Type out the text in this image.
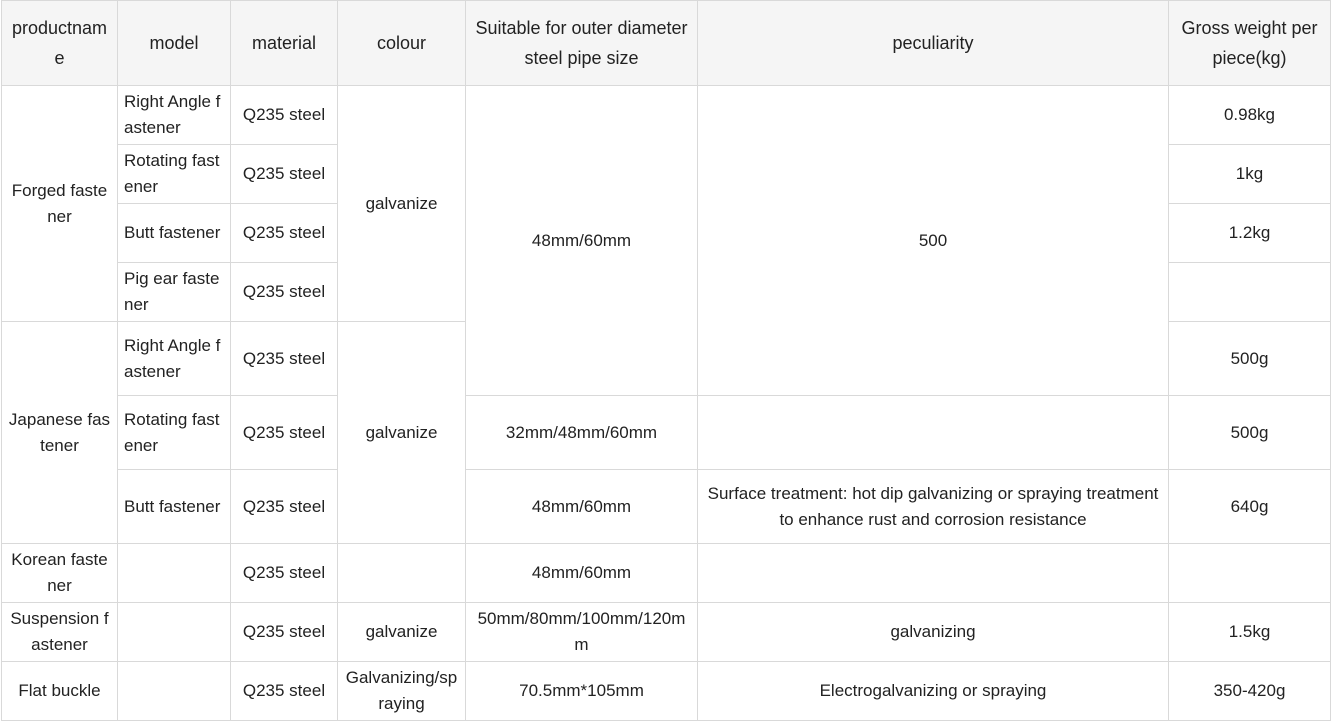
productname	model	material	colour	Suitable for outer diameter steel pipe size	peculiarity	Gross weight per piece(kg)
Forged fastener	Right Angle fastener	Q235 steel	galvanize	48mm/60mm	500	0.98kg
	Rotating fastener	Q235 steel				1kg
	Butt fastener	Q235 steel				1.2kg
	Pig ear fastener	Q235 steel				
Japanese fastener	Right Angle fastener	Q235 steel	galvanize			500g
	Rotating fastener	Q235 steel		32mm/48mm/60mm		500g
	Butt fastener	Q235 steel		48mm/60mm	Surface treatment: hot dip galvanizing or spraying treatment to enhance rust and corrosion resistance	640g
Korean fastener		Q235 steel		48mm/60mm		
Suspension fastener		Q235 steel	galvanize	50mm/80mm/100mm/120mm	galvanizing	1.5kg
Flat buckle		Q235 steel	Galvanizing/spraying	70.5mm*105mm	Electrogalvanizing or spraying	350-420g
